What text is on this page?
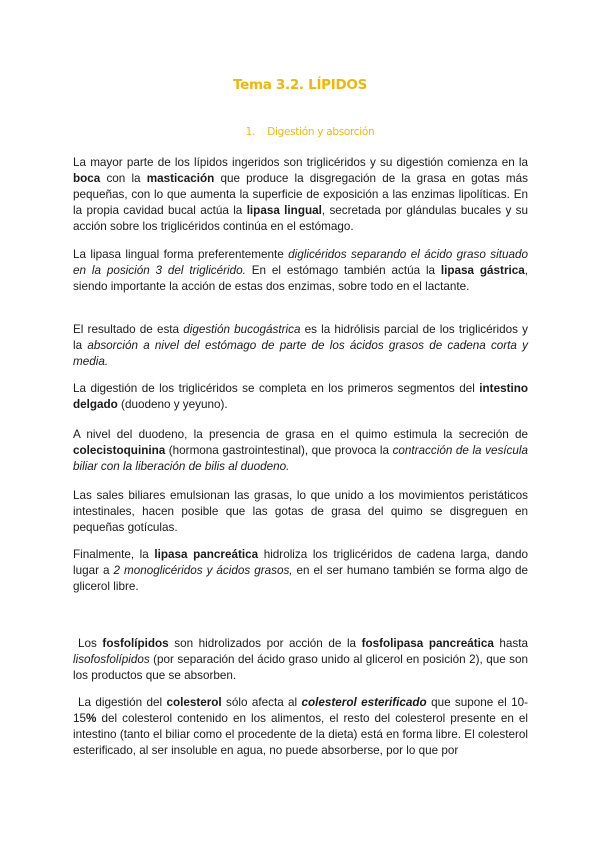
Tema 3.2. LÍPIDOS
1. Digestión y absorción

La mayor parte de los lípidos ingeridos son triglicéridos y su digestión comienza en la boca con la masticación que produce la disgregación de la grasa en gotas más pequeñas, con lo que aumenta la superficie de exposición a las enzimas lipolíticas. En la propia cavidad bucal actúa la lipasa lingual, secretada por glándulas bucales y su acción sobre los triglicéridos continúa en el estómago.

La lipasa lingual forma preferentemente diglicéridos separando el ácido graso situado en la posición 3 del triglicérido. En el estómago también actúa la lipasa gástrica, siendo importante la acción de estas dos enzimas, sobre todo en el lactante.

El resultado de esta digestión bucogástrica es la hidrólisis parcial de los triglicéridos y la absorción a nivel del estómago de parte de los ácidos grasos de cadena corta y media.

La digestión de los triglicéridos se completa en los primeros segmentos del intestino delgado (duodeno y yeyuno).

A nivel del duodeno, la presencia de grasa en el quimo estimula la secreción de colecistoquinina (hormona gastrointestinal), que provoca la contracción de la vesícula biliar con la liberación de bilis al duodeno.

Las sales biliares emulsionan las grasas, lo que unido a los movimientos peristáticos intestinales, hacen posible que las gotas de grasa del quimo se disgreguen en pequeñas gotículas.

Finalmente, la lipasa pancreática hidroliza los triglicéridos de cadena larga, dando lugar a 2 monoglicéridos y ácidos grasos, en el ser humano también se forma algo de glicerol libre.

Los fosfolípidos son hidrolizados por acción de la fosfolipasa pancreática hasta lisofosfolípidos (por separación del ácido graso unido al glicerol en posición 2), que son los productos que se absorben.

La digestión del colesterol sólo afecta al colesterol esterificado que supone el 10-15% del colesterol contenido en los alimentos, el resto del colesterol presente en el intestino (tanto el biliar como el procedente de la dieta) está en forma libre. El colesterol esterificado, al ser insoluble en agua, no puede absorberse, por lo que por
